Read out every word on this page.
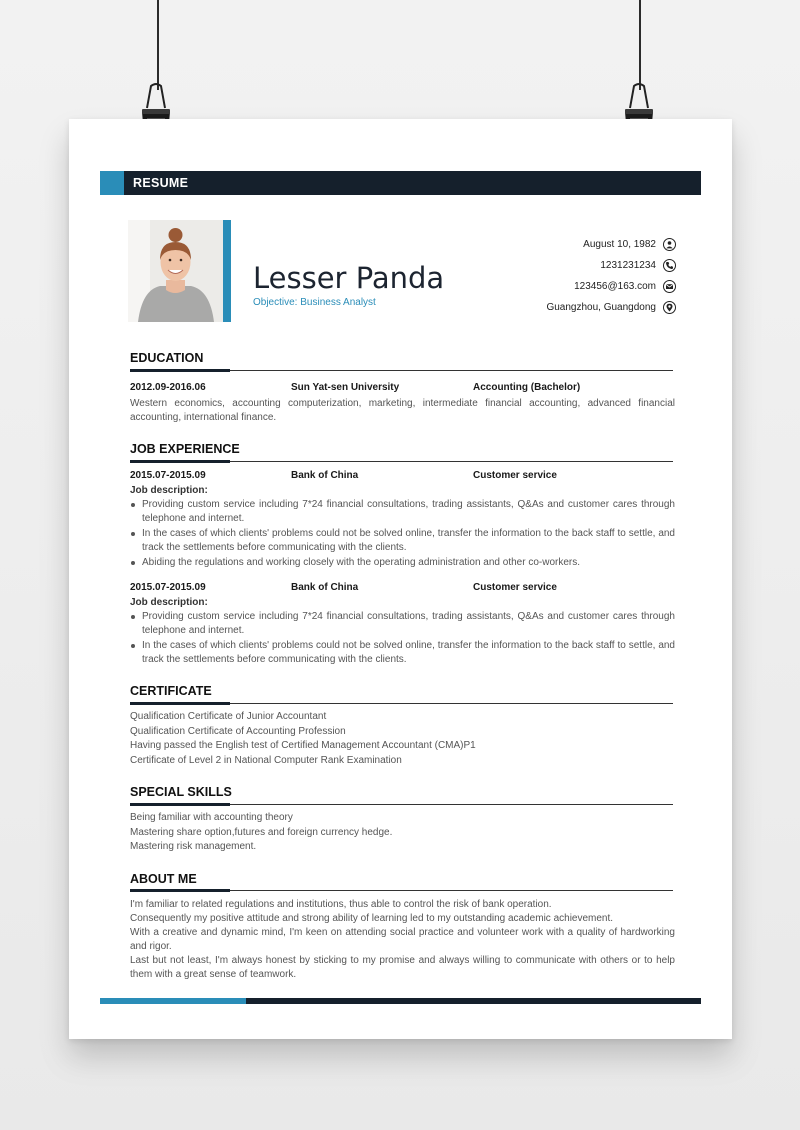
RESUME
Lesser Panda
Objective: Business Analyst
August 10, 1982
1231231234
123456@163.com
Guangzhou, Guangdong
EDUCATION
2012.09-2016.06	Sun Yat-sen University	Accounting (Bachelor)
Western economics, accounting computerization, marketing, intermediate financial accounting, advanced financial accounting, international finance.
JOB EXPERIENCE
2015.07-2015.09	Bank of China	Customer service
Job description:
Providing custom service including 7*24 financial consultations, trading assistants, Q&As and customer cares through telephone and internet.
In the cases of which clients' problems could not be solved online, transfer the information to the back staff to settle, and track the settlements before communicating with the clients.
Abiding the regulations and working closely with the operating administration and other co-workers.
2015.07-2015.09	Bank of China	Customer service
Job description:
Providing custom service including 7*24 financial consultations, trading assistants, Q&As and customer cares through telephone and internet.
In the cases of which clients' problems could not be solved online, transfer the information to the back staff to settle, and track the settlements before communicating with the clients.
CERTIFICATE
Qualification Certificate of Junior Accountant
Qualification Certificate of Accounting Profession
Having passed the English test of Certified Management Accountant (CMA)P1
Certificate of Level 2 in National Computer Rank Examination
SPECIAL SKILLS
Being familiar with accounting theory
Mastering share option,futures and foreign currency hedge.
Mastering risk management.
ABOUT ME
I'm familiar to related regulations and institutions, thus able to control the risk of bank operation.
Consequently my positive attitude and strong ability of learning led to my outstanding academic achievement.
With a creative and dynamic mind, I'm keen on attending social practice and volunteer work with a quality of hardworking and rigor.
Last but not least, I'm always honest by sticking to my promise and always willing to communicate with others or to help them with a great sense of teamwork.
